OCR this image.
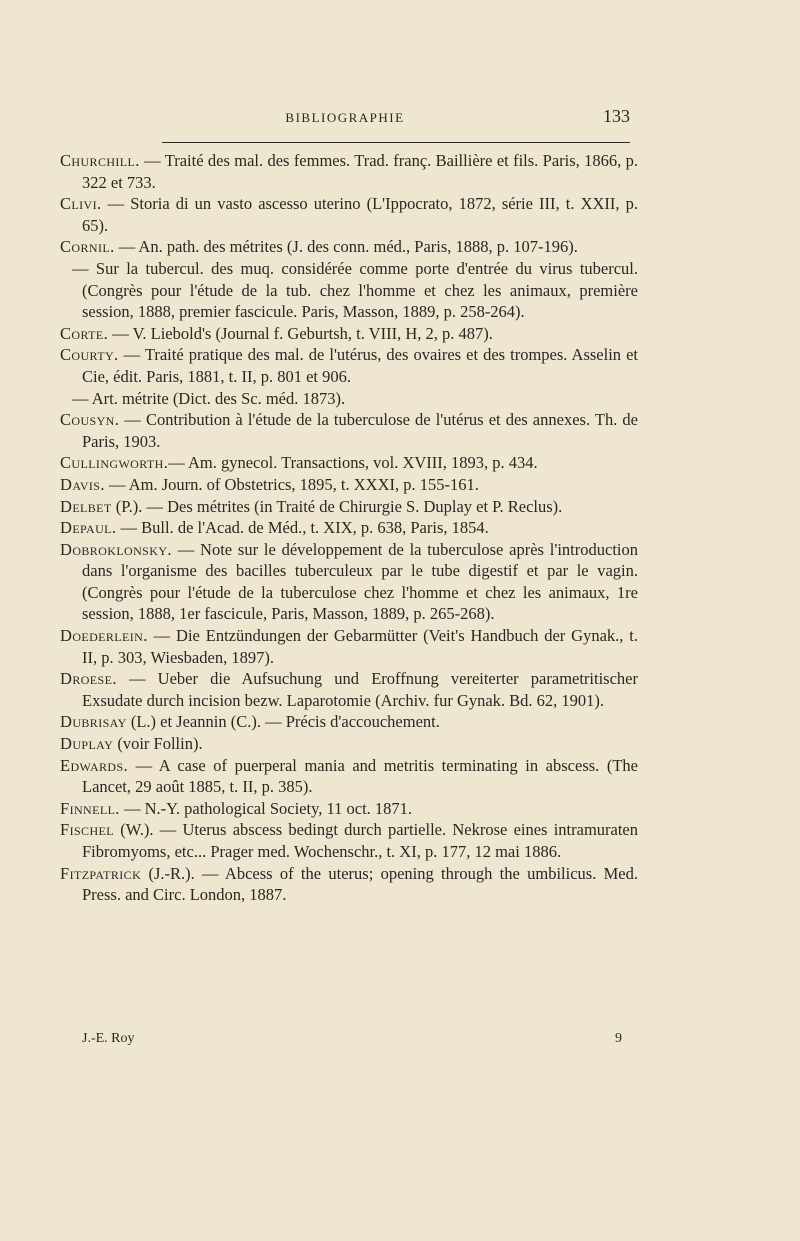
BIBLIOGRAPHIE	133

Churchill. — Traité des mal. des femmes. Trad. franç. Baillière et fils. Paris, 1866, p. 322 et 733.

Clivi. — Storia di un vasto ascesso uterino (L'Ippocrato, 1872, série III, t. XXII, p. 65).

Cornil. — An. path. des métrites (J. des conn. méd., Paris, 1888, p. 107-196).

— Sur la tubercul. des muq. considérée comme porte d'entrée du virus tubercul. (Congrès pour l'étude de la tub. chez l'homme et chez les animaux, première session, 1888, premier fascicule. Paris, Masson, 1889, p. 258-264).

Corte. — V. Liebold's (Journal f. Geburtsh, t. VIII, H, 2, p. 487).

Courty. — Traité pratique des mal. de l'utérus, des ovaires et des trompes. Asselin et Cie, édit. Paris, 1881, t. II, p. 801 et 906.

— Art. métrite (Dict. des Sc. méd. 1873).

Cousyn. — Contribution à l'étude de la tuberculose de l'utérus et des annexes. Th. de Paris, 1903.

Cullingworth.— Am. gynecol. Transactions, vol. XVIII, 1893, p. 434.

Davis. — Am. Journ. of Obstetrics, 1895, t. XXXI, p. 155-161.

Delbet (P.). — Des métrites (in Traité de Chirurgie S. Duplay et P. Reclus).

Depaul. — Bull. de l'Acad. de Méd., t. XIX, p. 638, Paris, 1854.

Dobroklonsky. — Note sur le développement de la tuberculose après l'introduction dans l'organisme des bacilles tuberculeux par le tube digestif et par le vagin. (Congrès pour l'étude de la tuberculose chez l'homme et chez les animaux, 1re session, 1888, 1er fascicule, Paris, Masson, 1889, p. 265-268).

Doederlein. — Die Entzündungen der Gebarmütter (Veit's Handbuch der Gynak., t. II, p. 303, Wiesbaden, 1897).

Droese. — Ueber die Aufsuchung und Eroffnung vereiterter parametritischer Exsudate durch incision bezw. Laparotomie (Archiv. fur Gynak. Bd. 62, 1901).

Dubrisay (L.) et Jeannin (C.). — Précis d'accouchement.

Duplay (voir Follin).

Edwards. — A case of puerperal mania and metritis terminating in abscess. (The Lancet, 29 août 1885, t. II, p. 385).

Finnell. — N.-Y. pathological Society, 11 oct. 1871.

Fischel (W.). — Uterus abscess bedingt durch partielle. Nekrose eines intramuraten Fibromyoms, etc... Prager med. Wochenschr., t. XI, p. 177, 12 mai 1886.

Fitzpatrick (J.-R.). — Abcess of the uterus; opening through the umbilicus. Med. Press. and Circ. London, 1887.

J.-E. Roy	9
